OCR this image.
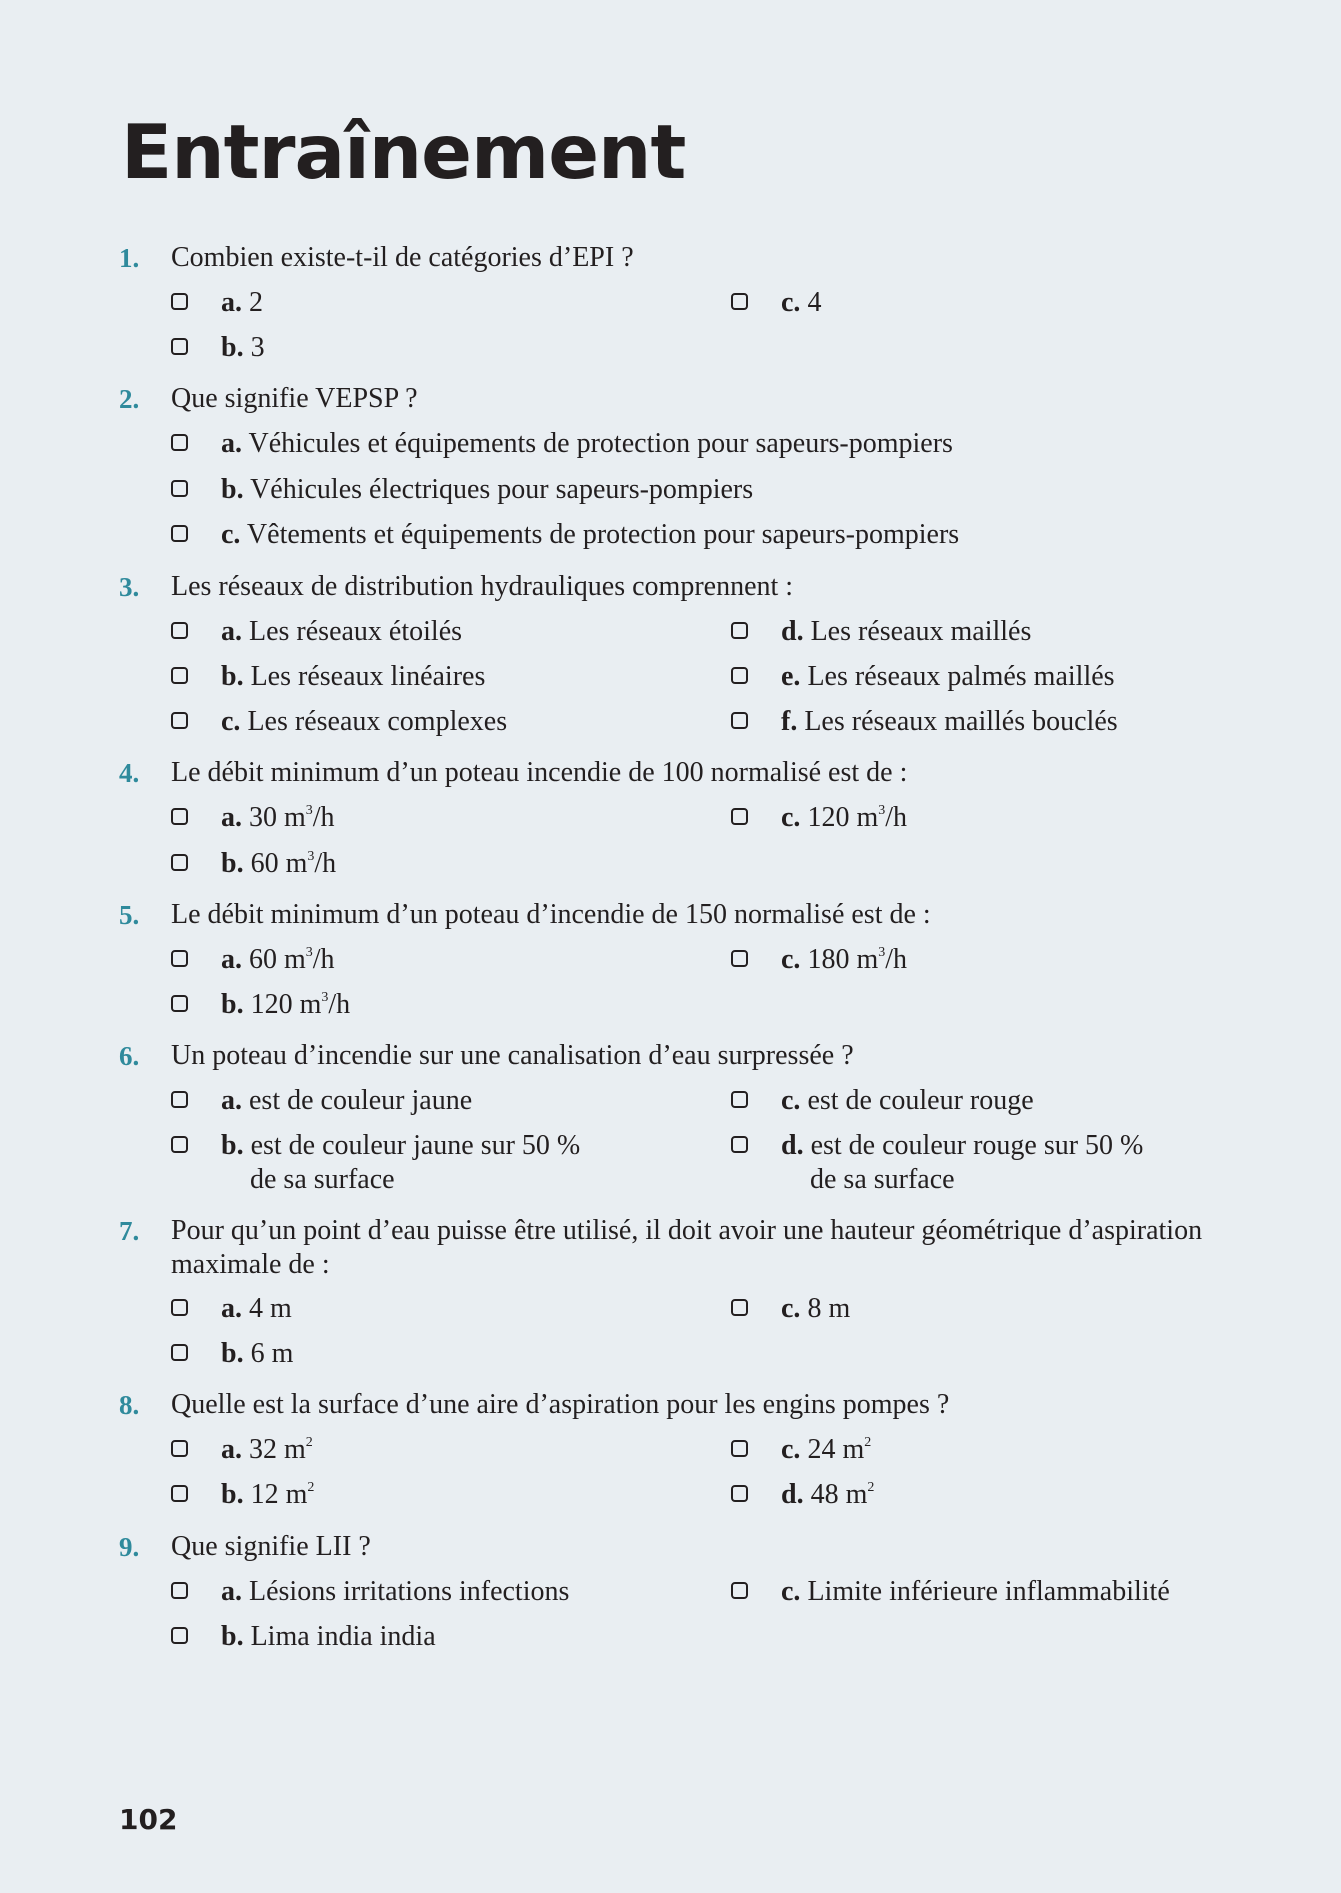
Entraînement
1. Combien existe-t-il de catégories d’EPI ?
a. 2	c. 4
b. 3
2. Que signifie VEPSP ?
a. Véhicules et équipements de protection pour sapeurs-pompiers
b. Véhicules électriques pour sapeurs-pompiers
c. Vêtements et équipements de protection pour sapeurs-pompiers
3. Les réseaux de distribution hydrauliques comprennent :
a. Les réseaux étoilés	d. Les réseaux maillés
b. Les réseaux linéaires	e. Les réseaux palmés maillés
c. Les réseaux complexes	f. Les réseaux maillés bouclés
4. Le débit minimum d’un poteau incendie de 100 normalisé est de :
a. 30 $m^3/h$	c. 120 $m^3/h$
b. 60 $m^3/h$
5. Le débit minimum d’un poteau d’incendie de 150 normalisé est de :
a. 60 $m^3/h$	c. 180 $m^3/h$
b. 120 $m^3/h$
6. Un poteau d’incendie sur une canalisation d’eau surpressée ?
a. est de couleur jaune	c. est de couleur rouge
b. est de couleur jaune sur 50 %
de sa surface
d. est de couleur rouge sur 50 %
de sa surface
7. Pour qu’un point d’eau puisse être utilisé, il doit avoir une hauteur géométrique d’aspiration maximale de :
a. 4 m	c. 8 m
b. 6 m
8. Quelle est la surface d’une aire d’aspiration pour les engins pompes ?
a. 32 $m^2$	c. 24 $m^2$
b. 12 $m^2$	d. 48 $m^2$
9. Que signifie LII ?
a. Lésions irritations infections	c. Limite inférieure inflammabilité
b. Lima india india
102
